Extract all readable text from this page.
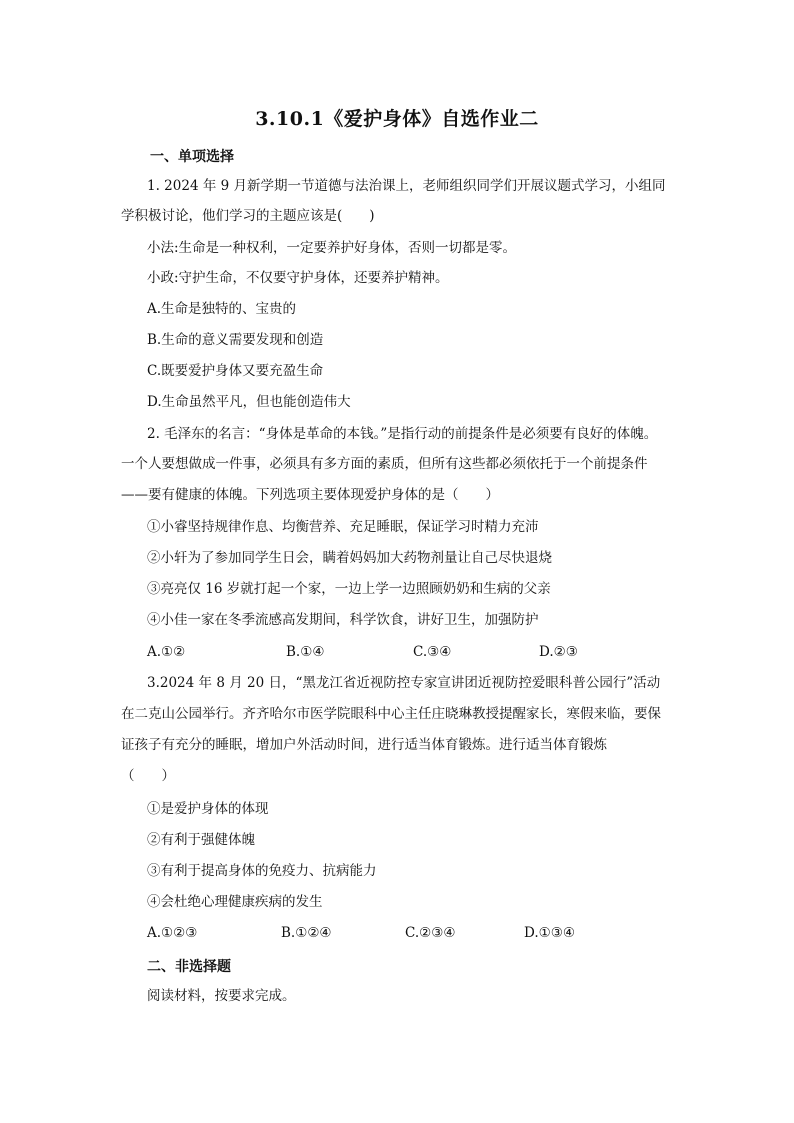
3.10.1《爱护身体》自选作业二
一、单项选择
1. 2024 年 9 月新学期一节道德与法治课上，老师组织同学们开展议题式学习，小组同
学积极讨论，他们学习的主题应该是(　　)
小法:生命是一种权利，一定要养护好身体，否则一切都是零。
小政:守护生命，不仅要守护身体，还要养护精神。
A.生命是独特的、宝贵的
B.生命的意义需要发现和创造
C.既要爱护身体又要充盈生命
D.生命虽然平凡，但也能创造伟大
2. 毛泽东的名言：“身体是革命的本钱。”是指行动的前提条件是必须要有良好的体魄。
一个人要想做成一件事，必须具有多方面的素质，但所有这些都必须依托于一个前提条件
——要有健康的体魄。下列选项主要体现爱护身体的是（　　）
①小睿坚持规律作息、均衡营养、充足睡眠，保证学习时精力充沛
②小轩为了参加同学生日会，瞒着妈妈加大药物剂量让自己尽快退烧
③亮亮仅 16 岁就打起一个家，一边上学一边照顾奶奶和生病的父亲
④小佳一家在冬季流感高发期间，科学饮食，讲好卫生，加强防护
A.①②	B.①④	C.③④	D.②③
3.2024 年 8 月 20 日，“黑龙江省近视防控专家宣讲团近视防控爱眼科普公园行”活动
在二克山公园举行。齐齐哈尔市医学院眼科中心主任庄晓琳教授提醒家长，寒假来临，要保
证孩子有充分的睡眠，增加户外活动时间，进行适当体育锻炼。进行适当体育锻炼
（　　）
①是爱护身体的体现
②有利于强健体魄
③有利于提高身体的免疫力、抗病能力
④会杜绝心理健康疾病的发生
A.①②③	B.①②④	C.②③④	D.①③④
二、非选择题
阅读材料，按要求完成。
